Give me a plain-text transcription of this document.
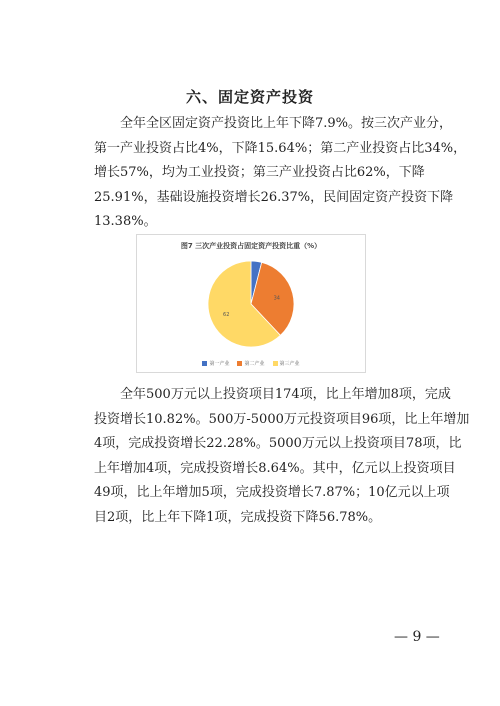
六、固定资产投资
全年全区固定资产投资比上年下降7.9%。按三次产业分，
第一产业投资占比4%，下降15.64%；第二产业投资占比34%，
增长57%，均为工业投资；第三产业投资占比62%，下降
25.91%，基础设施投资增长26.37%，民间固定资产投资下降
13.38%。
图7 三次产业投资占固定资产投资比重（%）
34
62
第一产业	第二产业	第三产业
全年500万元以上投资项目174项，比上年增加8项，完成
投资增长10.82%。500万-5000万元投资项目96项，比上年增加
4项，完成投资增长22.28%。5000万元以上投资项目78项，比
上年增加4项，完成投资增长8.64%。其中，亿元以上投资项目
49项，比上年增加5项，完成投资增长7.87%；10亿元以上项
目2项，比上年下降1项，完成投资下降56.78%。
— 9 —
